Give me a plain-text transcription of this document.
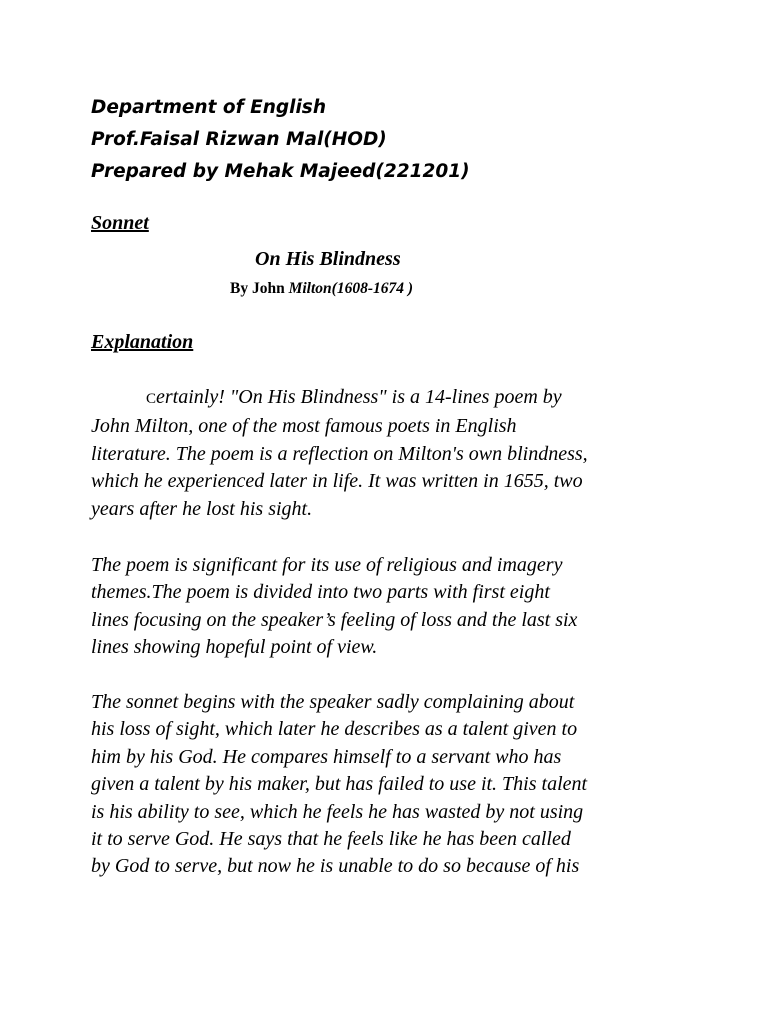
Department of English
Prof.Faisal Rizwan Mal(HOD)
Prepared by Mehak Majeed(221201)
Sonnet
On His Blindness
By John Milton(1608-1674 )
Explanation
Certainly! "On His Blindness" is a 14-lines poem by
John Milton, one of the most famous poets in English
literature. The poem is a reflection on Milton's own blindness,
which he experienced later in life. It was written in 1655, two
years after he lost his sight.
The poem is significant for its use of religious and imagery
themes.The poem is divided into two parts with first eight
lines focusing on the speaker’s feeling of loss and the last six
lines showing hopeful point of view.
The sonnet begins with the speaker sadly complaining about
his loss of sight, which later he describes as a talent given to
him by his God. He compares himself to a servant who has
given a talent by his maker, but has failed to use it. This talent
is his ability to see, which he feels he has wasted by not using
it to serve God. He says that he feels like he has been called
by God to serve, but now he is unable to do so because of his
